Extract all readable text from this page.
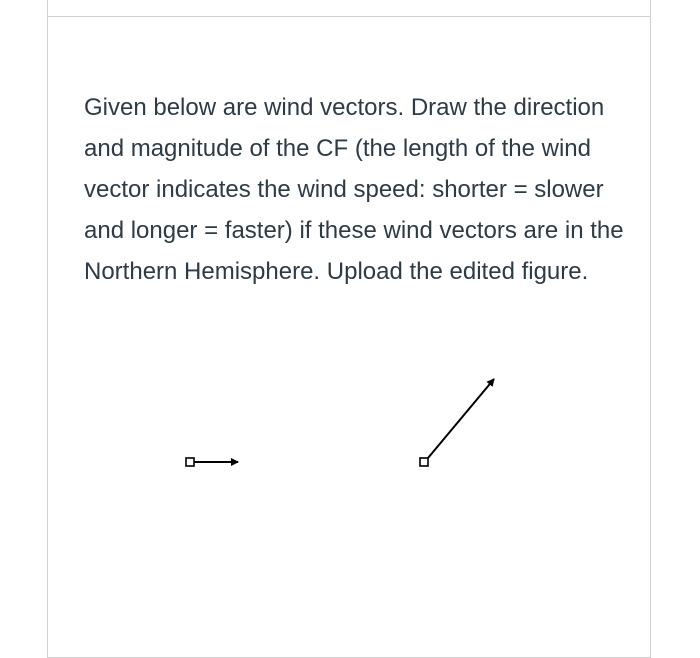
Given below are wind vectors. Draw the direction and magnitude of the CF (the length of the wind vector indicates the wind speed: shorter = slower and longer = faster) if these wind vectors are in the Northern Hemisphere. Upload the edited figure.
